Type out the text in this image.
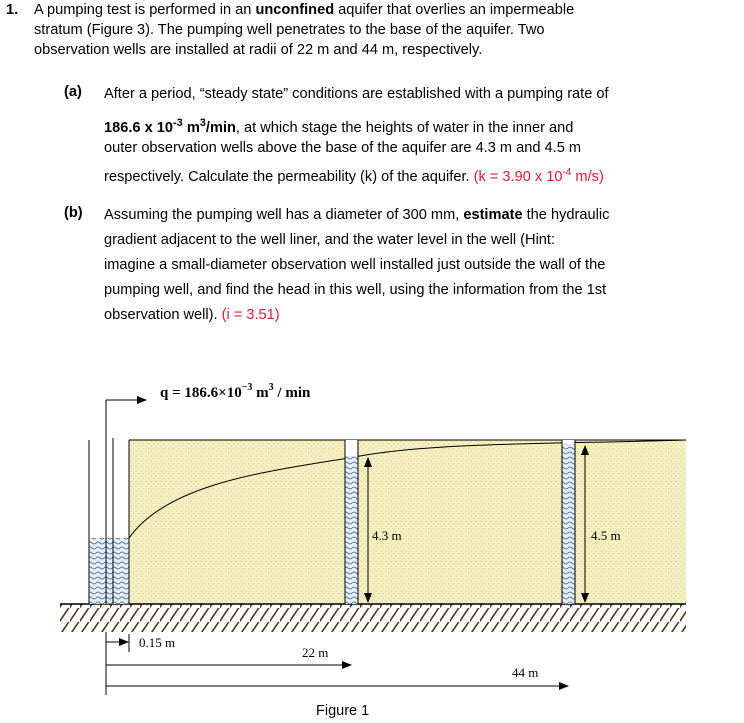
1. A pumping test is performed in an unconfined aquifer that overlies an impermeable
stratum (Figure 3). The pumping well penetrates to the base of the aquifer. Two
observation wells are installed at radii of 22 m and 44 m, respectively.
(a) After a period, “steady state” conditions are established with a pumping rate of
186.6 x $10^{-3}$ $m^3/\min$, at which stage the heights of water in the inner and
outer observation wells above the base of the aquifer are 4.3 m and 4.5 m
respectively. Calculate the permeability (k) of the aquifer. (k = 3.90 x $10^{-4}$ m/s)
(b) Assuming the pumping well has a diameter of 300 mm, estimate the hydraulic
gradient adjacent to the well liner, and the water level in the well (Hint:
imagine a small-diameter observation well installed just outside the wall of the
pumping well, and find the head in this well, using the information from the 1st
observation well). (i = 3.51)
4.3 m	4.5 m
$q = 186.6\times 10^{-3}$ $m^3$ / min
0.15 m
22 m
44 m
Figure 1
